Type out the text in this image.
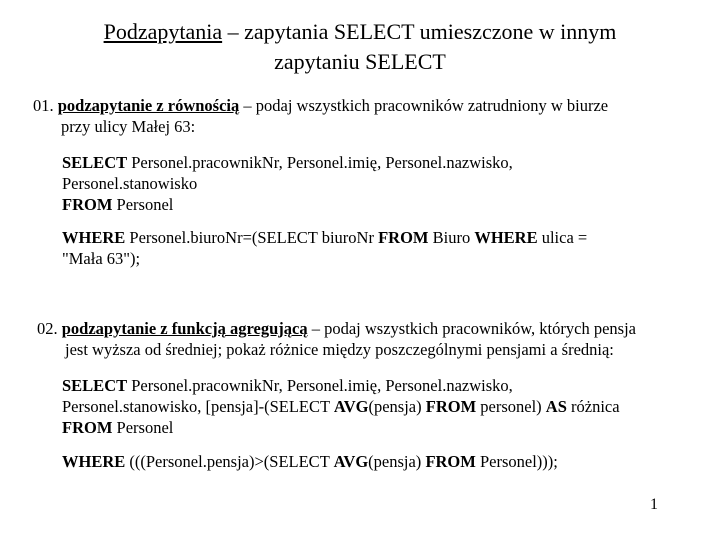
Podzapytania – zapytania SELECT umieszczone w innym
zapytaniu SELECT
01. podzapytanie z równością – podaj wszystkich pracowników zatrudniony w biurze
przy ulicy Małej 63:
SELECT Personel.pracownikNr, Personel.imię, Personel.nazwisko,
Personel.stanowisko
FROM Personel
WHERE Personel.biuroNr=(SELECT biuroNr FROM Biuro WHERE ulica =
"Mała 63");
02. podzapytanie z funkcją agregującą – podaj wszystkich pracowników, których pensja
jest wyższa od średniej; pokaż różnice między poszczególnymi pensjami a średnią:
SELECT Personel.pracownikNr, Personel.imię, Personel.nazwisko,
Personel.stanowisko, [pensja]-(SELECT AVG(pensja) FROM personel) AS różnica
FROM Personel
WHERE (((Personel.pensja)>(SELECT AVG(pensja) FROM Personel)));
1
